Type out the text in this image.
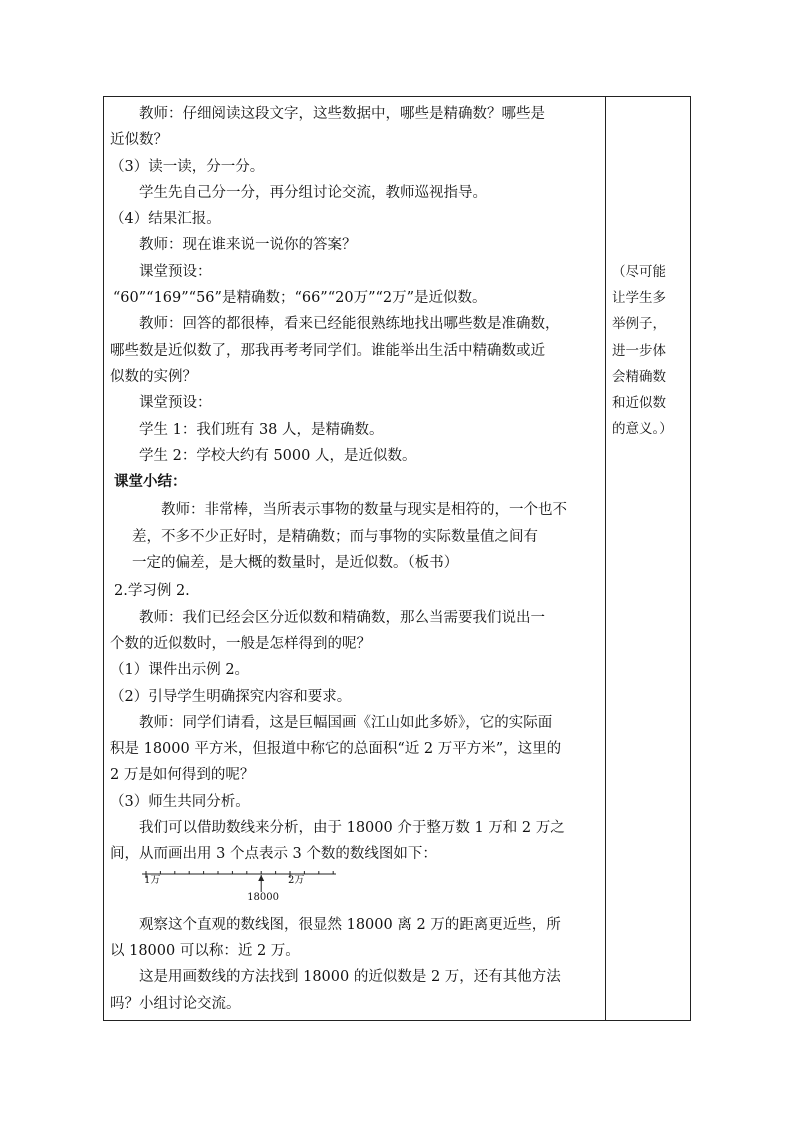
教师：仔细阅读这段文字，这些数据中，哪些是精确数？哪些是

近似数？

（3）读一读，分一分。

学生先自己分一分，再分组讨论交流，教师巡视指导。

（4）结果汇报。

教师：现在谁来说一说你的答案？

课堂预设：

“60”“169”“56”是精确数；“66”“20万”“2万”是近似数。

教师：回答的都很棒，看来已经能很熟练地找出哪些数是准确数，

哪些数是近似数了，那我再考考同学们。谁能举出生活中精确数或近

似数的实例？

课堂预设：

学生 1：我们班有 38 人，是精确数。

学生 2：学校大约有 5000 人，是近似数。

课堂小结：

教师：非常棒，当所表示事物的数量与现实是相符的，一个也不

差，不多不少正好时，是精确数；而与事物的实际数量值之间有

一定的偏差，是大概的数量时，是近似数。（板书）

2.学习例 2.

教师：我们已经会区分近似数和精确数，那么当需要我们说出一

个数的近似数时，一般是怎样得到的呢？

（1）课件出示例 2。

（2）引导学生明确探究内容和要求。

教师：同学们请看，这是巨幅国画《江山如此多娇》，它的实际面

积是 18000 平方米，但报道中称它的总面积“近 2 万平方米”，这里的

2 万是如何得到的呢？

（3）师生共同分析。

我们可以借助数线来分析，由于 18000 介于整万数 1 万和 2 万之

间，从而画出用 3 个点表示 3 个数的数线图如下：

1万	2万
18000

观察这个直观的数线图，很显然 18000 离 2 万的距离更近些，所

以 18000 可以称：近 2 万。

这是用画数线的方法找到 18000 的近似数是 2 万，还有其他方法

吗？小组讨论交流。

（尽可能
让学生多
举例子，
进一步体
会精确数
和近似数
的意义。）
